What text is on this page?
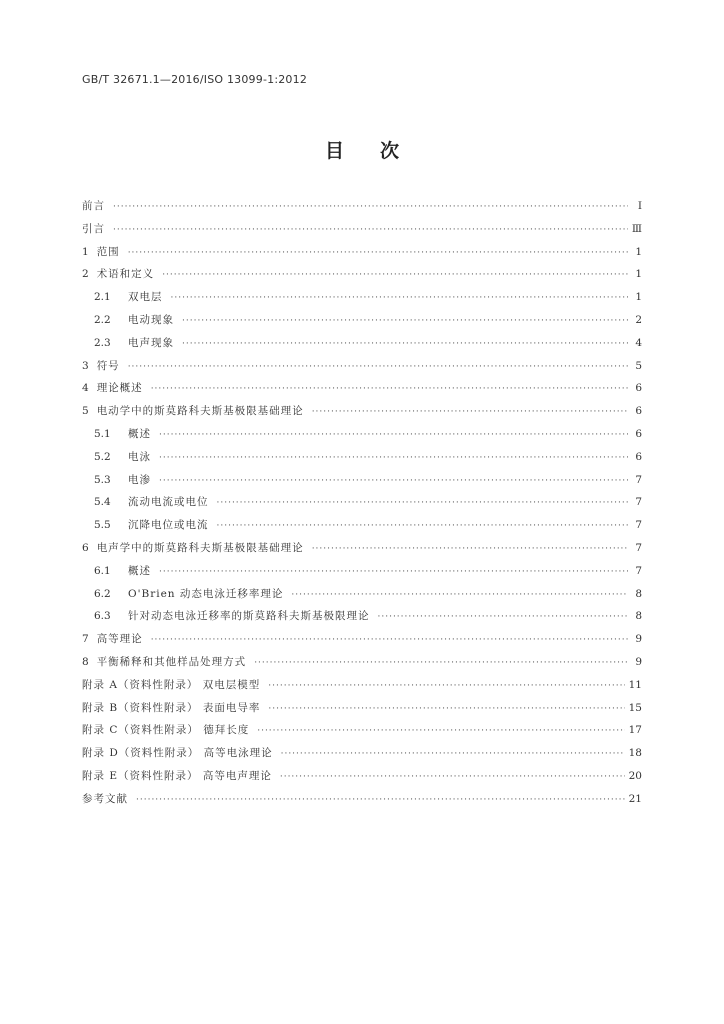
GB/T 32671.1—2016/ISO 13099-1:2012
目次
前言 ·····	Ⅰ
引言 ·····	Ⅲ
1 范围 ·····	1
2 术语和定义 ·····	1
2.1	双电层 ·····	1
2.2	电动现象 ·····	2
2.3	电声现象 ·····	4
3 符号 ·····	5
4 理论概述 ·····	6
5 电动学中的斯莫路科夫斯基极限基础理论 ·····	6
5.1	概述 ·····	6
5.2	电泳 ·····	6
5.3	电渗 ·····	7
5.4	流动电流或电位 ·····	7
5.5	沉降电位或电流 ·····	7
6 电声学中的斯莫路科夫斯基极限基础理论 ·····	7
6.1	概述 ·····	7
6.2	O'Brien 动态电泳迁移率理论 ·····	8
6.3	针对动态电泳迁移率的斯莫路科夫斯基极限理论 ·····	8
7 高等理论 ·····	9
8 平衡稀释和其他样品处理方式 ·····	9
附录 A（资料性附录） 双电层模型 ·····	11
附录 B（资料性附录） 表面电导率 ·····	15
附录 C（资料性附录） 德拜长度 ·····	17
附录 D（资料性附录） 高等电泳理论 ·····	18
附录 E（资料性附录） 高等电声理论 ·····	20
参考文献 ·····	21
